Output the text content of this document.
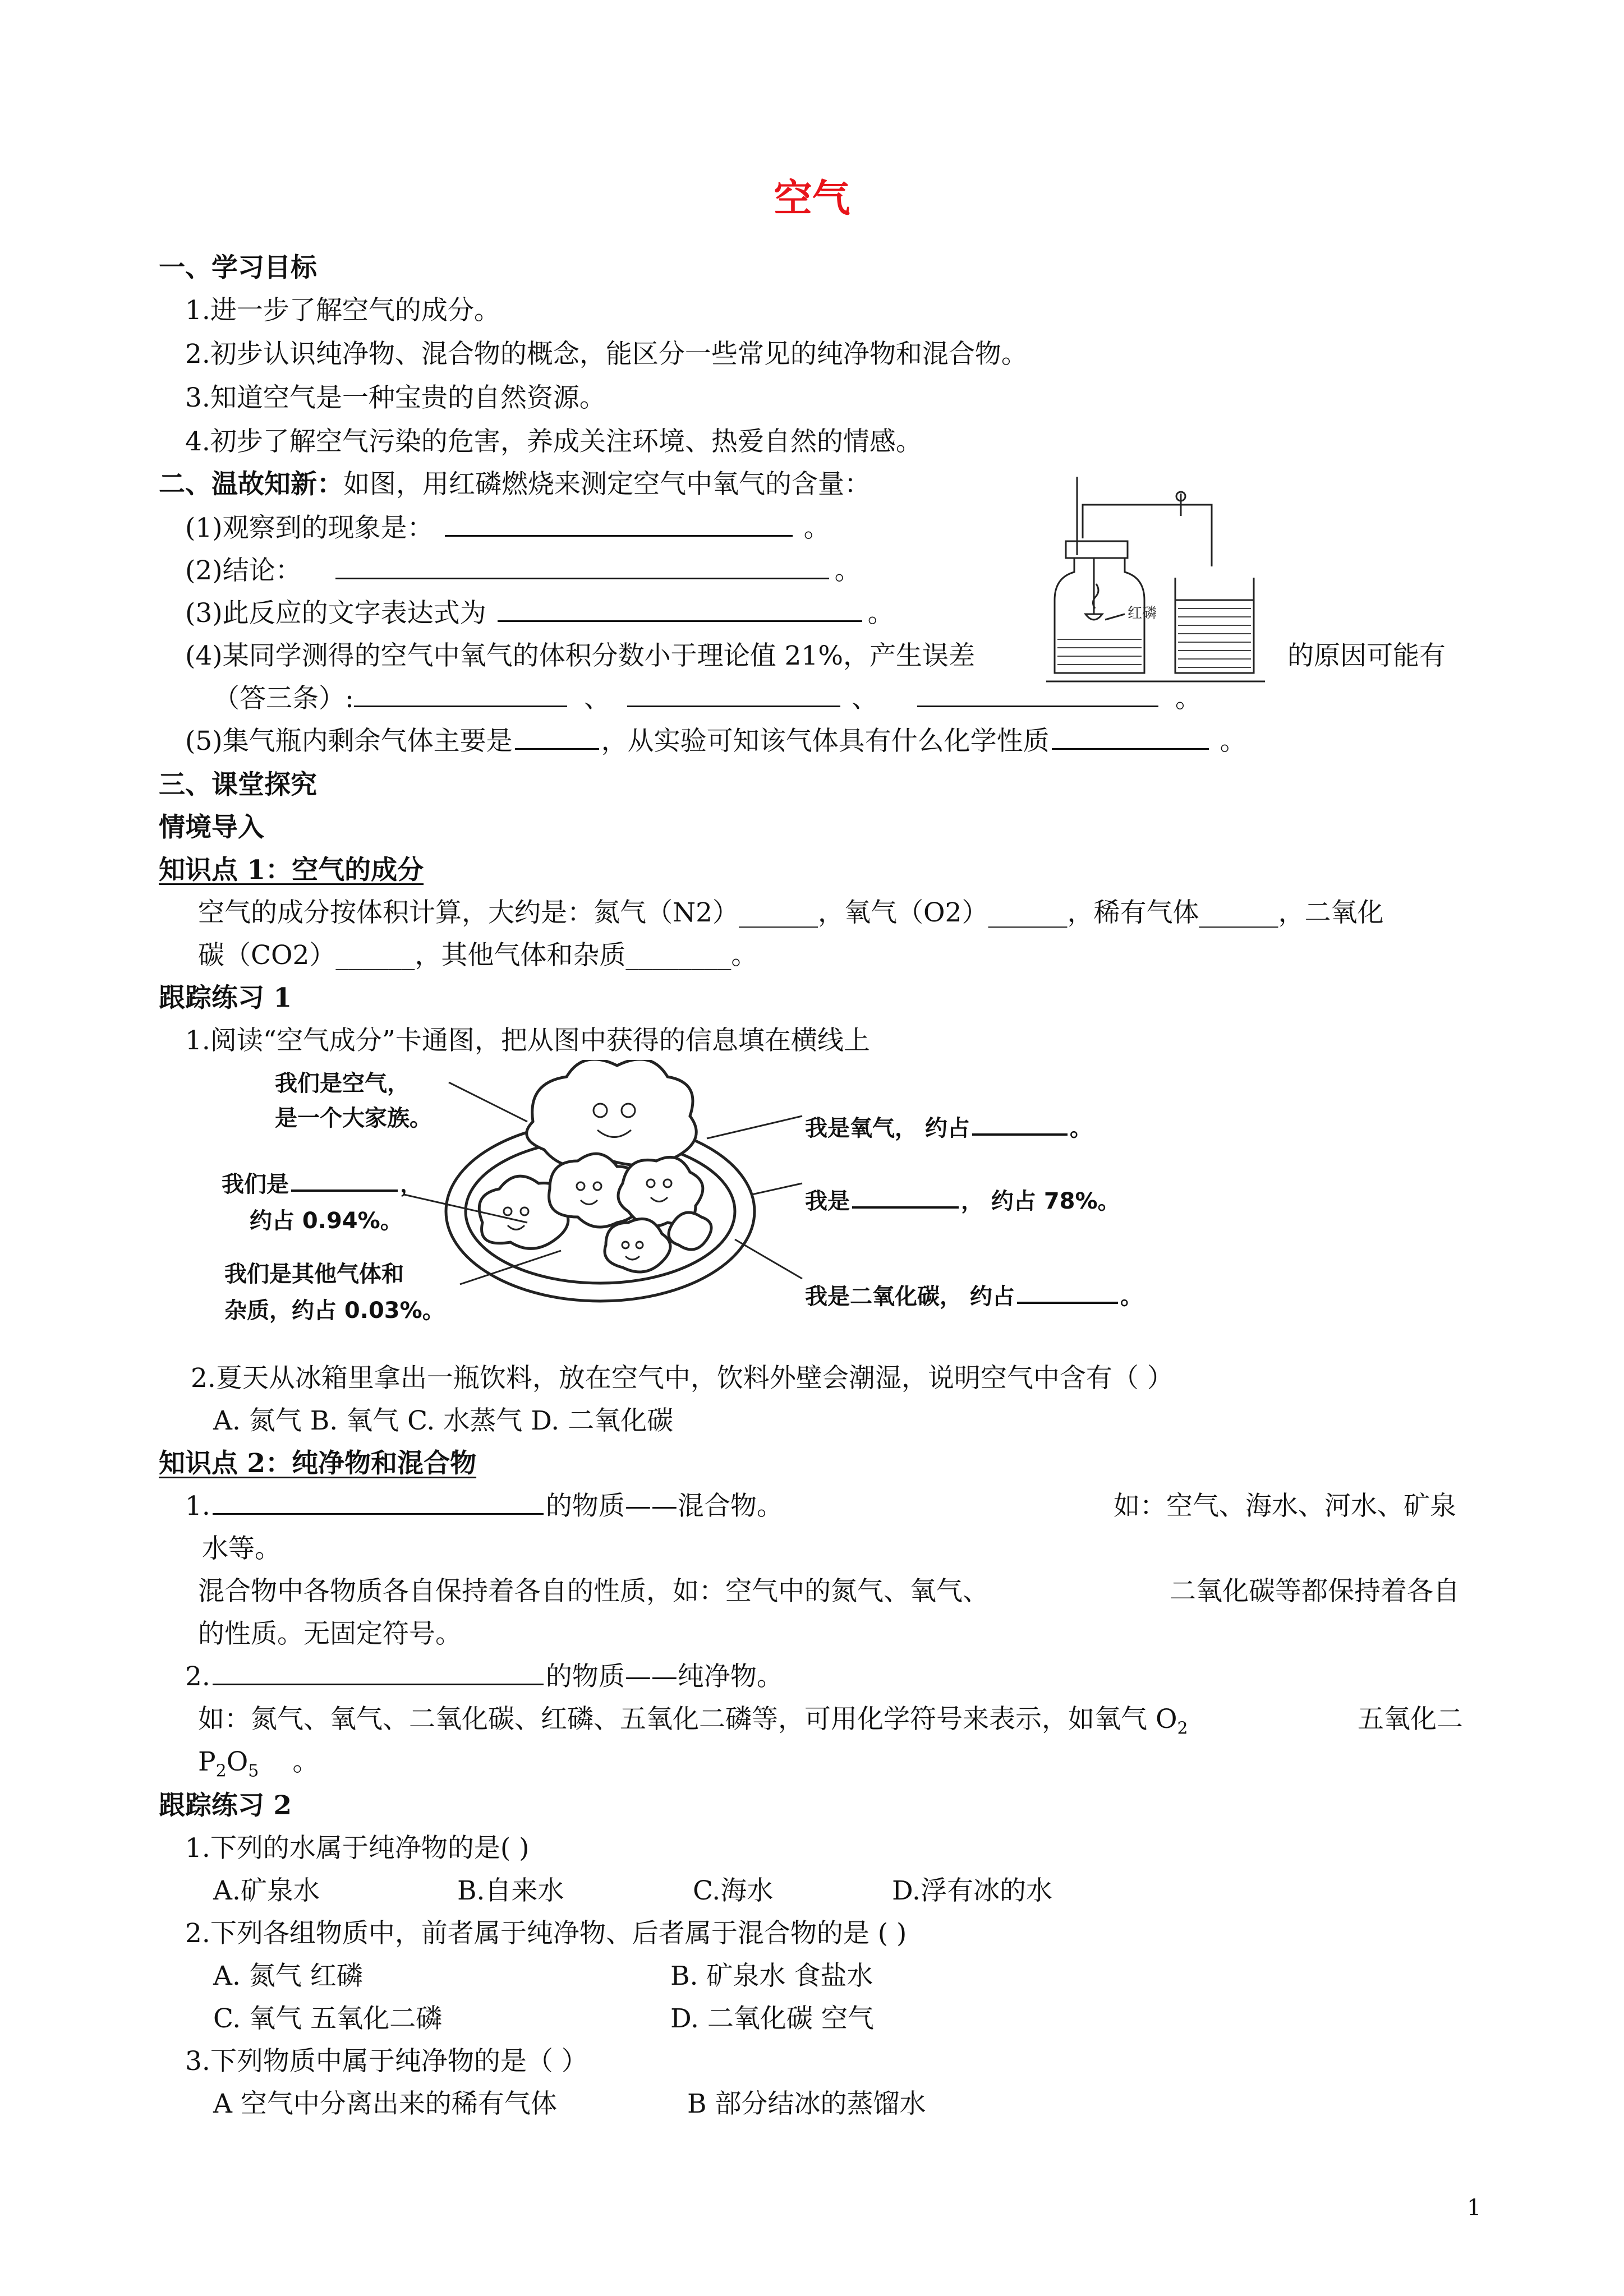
空气
一、学习目标
1.进一步了解空气的成分。
2.初步认识纯净物、混合物的概念，能区分一些常见的纯净物和混合物。
3.知道空气是一种宝贵的自然资源。
4.初步了解空气污染的危害，养成关注环境、热爱自然的情感。
二、温故知新：如图，用红磷燃烧来测定空气中氧气的含量：
(1)观察到的现象是：	。
(2)结论：	。
(3)此反应的文字表达式为	。
(4)某同学测得的空气中氧气的体积分数小于理论值 21%，产生误差	的原因可能有
（答三条）:	、	、	。
(5)集气瓶内剩余气体主要是	，从实验可知该气体具有什么化学性质	。
红磷
三、课堂探究
情境导入
知识点 1：空气的成分
空气的成分按体积计算，大约是：氮气（N2）______，氧气（O2）______，稀有气体______，二氧化
碳（CO2）______，其他气体和杂质________。
跟踪练习 1
1.阅读“空气成分”卡通图，把从图中获得的信息填在横线上
我们是空气，
是一个大家族。	我是氧气， 约占	。
我们是	，
约占 0.94%。
我是	， 约占 78%。
我们是其他气体和
杂质，约占 0.03%。
我是二氧化碳， 约占	。
2.夏天从冰箱里拿出一瓶饮料，放在空气中，饮料外壁会潮湿，说明空气中含有（ ）
A. 氮气 B. 氧气 C. 水蒸气 D. 二氧化碳
知识点 2：纯净物和混合物
1.	的物质——混合物。	如：空气、海水、河水、矿泉
水等。
混合物中各物质各自保持着各自的性质，如：空气中的氮气、氧气、	二氧化碳等都保持着各自
的性质。无固定符号。
2.	的物质——纯净物。
如：氮气、氧气、二氧化碳、红磷、五氧化二磷等，可用化学符号来表示，如氧气 $O_2$	五氧化二
$P_2O_5$ 。
跟踪练习 2
1.下列的水属于纯净物的是( )
A.矿泉水	B.自来水	C.海水	D.浮有冰的水
2.下列各组物质中，前者属于纯净物、后者属于混合物的是 ( )
A. 氮气 红磷	B. 矿泉水 食盐水
C. 氧气 五氧化二磷	D. 二氧化碳 空气
3.下列物质中属于纯净物的是（ ）
A 空气中分离出来的稀有气体	B 部分结冰的蒸馏水
1
